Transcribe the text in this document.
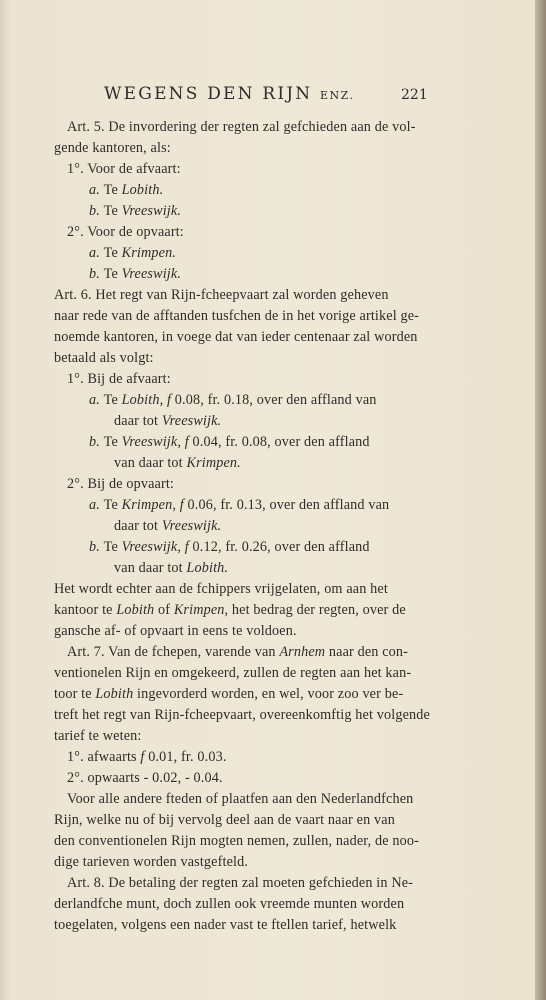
WEGENS DEN RIJN ENZ.	221
Art. 5. De invordering der regten zal gefchieden aan de vol-
gende kantoren, als:
1°. Voor de afvaart:
a. Te Lobith.
b. Te Vreeswijk.
2°. Voor de opvaart:
a. Te Krimpen.
b. Te Vreeswijk.
Art. 6. Het regt van Rijn-fcheepvaart zal worden geheven
naar rede van de afftanden tusfchen de in het vorige artikel ge-
noemde kantoren, in voege dat van ieder centenaar zal worden
betaald als volgt:
1°. Bij de afvaart:
a. Te Lobith, f 0.08, fr. 0.18, over den affland van
daar tot Vreeswijk.
b. Te Vreeswijk, f 0.04, fr. 0.08, over den affland
van daar tot Krimpen.
2°. Bij de opvaart:
a. Te Krimpen, f 0.06, fr. 0.13, over den affland van
daar tot Vreeswijk.
b. Te Vreeswijk, f 0.12, fr. 0.26, over den affland
van daar tot Lobith.
Het wordt echter aan de fchippers vrijgelaten, om aan het
kantoor te Lobith of Krimpen, het bedrag der regten, over de
gansche af- of opvaart in eens te voldoen.
Art. 7. Van de fchepen, varende van Arnhem naar den con-
ventionelen Rijn en omgekeerd, zullen de regten aan het kan-
toor te Lobith ingevorderd worden, en wel, voor zoo ver be-
treft het regt van Rijn-fcheepvaart, overeenkomftig het volgende
tarief te weten:
1°. afwaarts f 0.01, fr. 0.03.
2°. opwaarts - 0.02, - 0.04.
Voor alle andere fteden of plaatfen aan den Nederlandfchen
Rijn, welke nu of bij vervolg deel aan de vaart naar en van
den conventionelen Rijn mogten nemen, zullen, nader, de noo-
dige tarieven worden vastgefteld.
Art. 8. De betaling der regten zal moeten gefchieden in Ne-
derlandfche munt, doch zullen ook vreemde munten worden
toegelaten, volgens een nader vast te ftellen tarief, hetwelk
